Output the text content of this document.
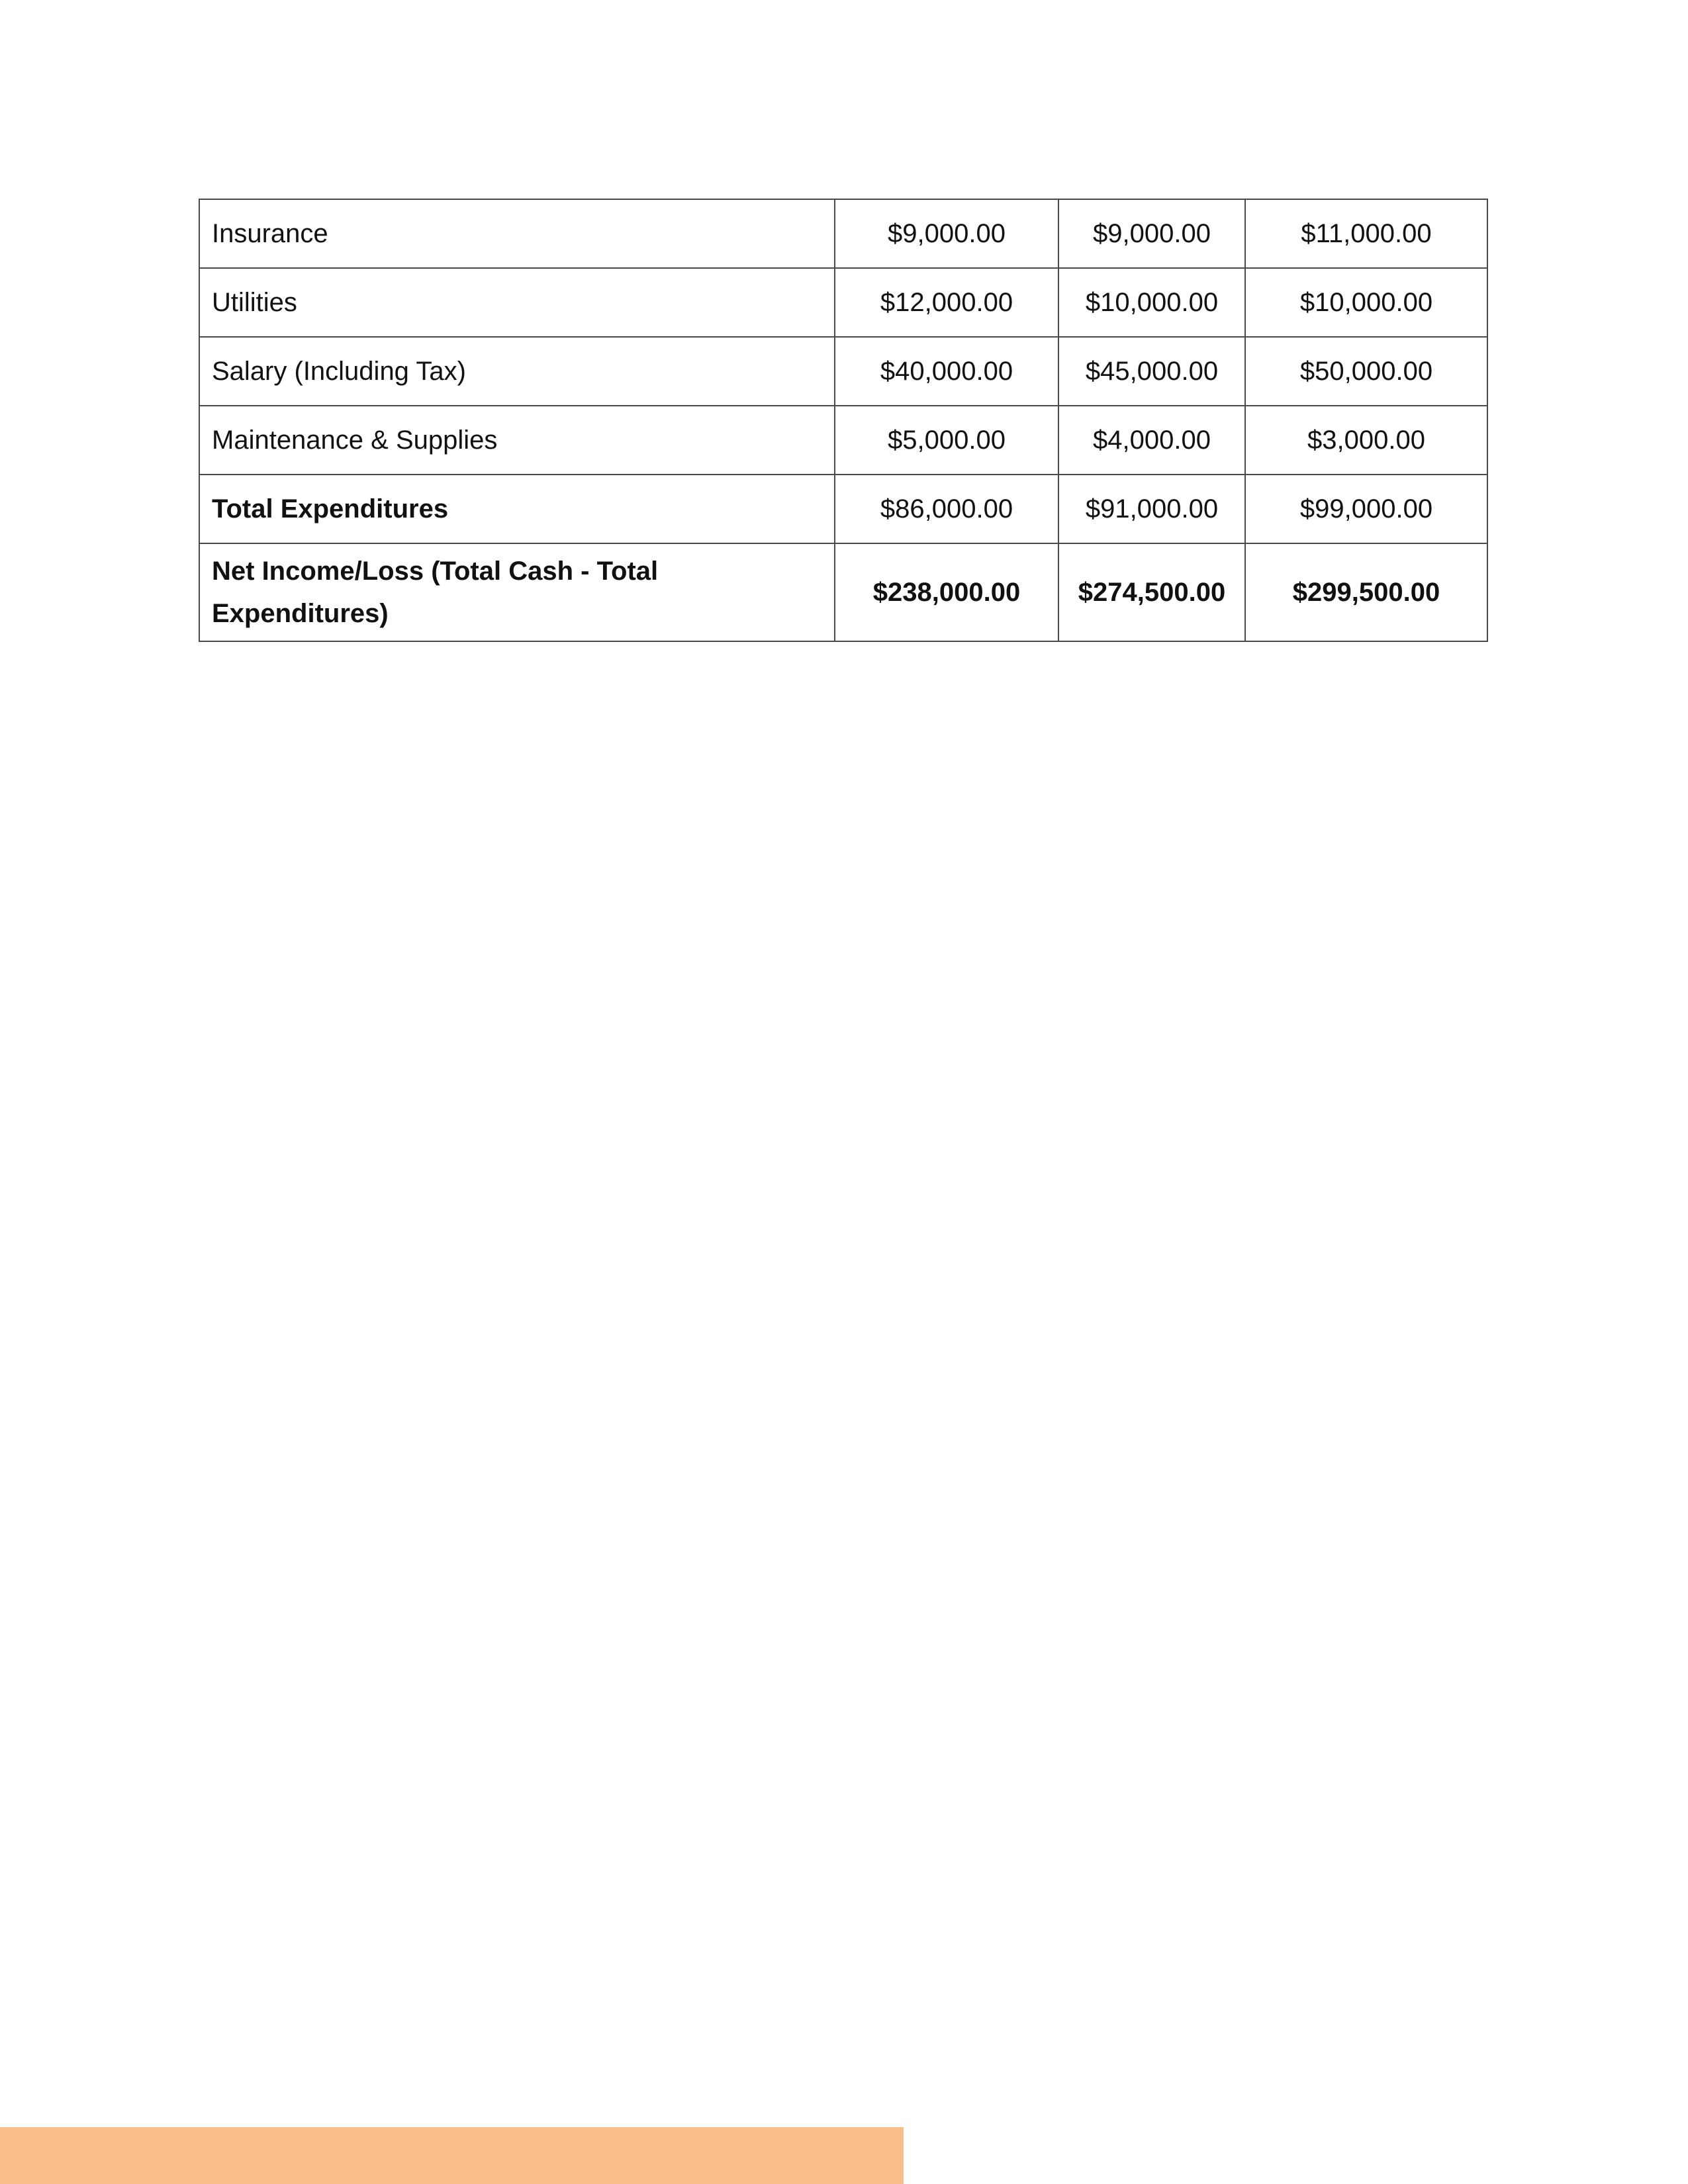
Insurance	$9,000.00	$9,000.00	$11,000.00
Utilities	$12,000.00	$10,000.00	$10,000.00
Salary (Including Tax)	$40,000.00	$45,000.00	$50,000.00
Maintenance & Supplies	$5,000.00	$4,000.00	$3,000.00
Total Expenditures	$86,000.00	$91,000.00	$99,000.00
Net Income/Loss (Total Cash - Total Expenditures)	$238,000.00	$274,500.00	$299,500.00
